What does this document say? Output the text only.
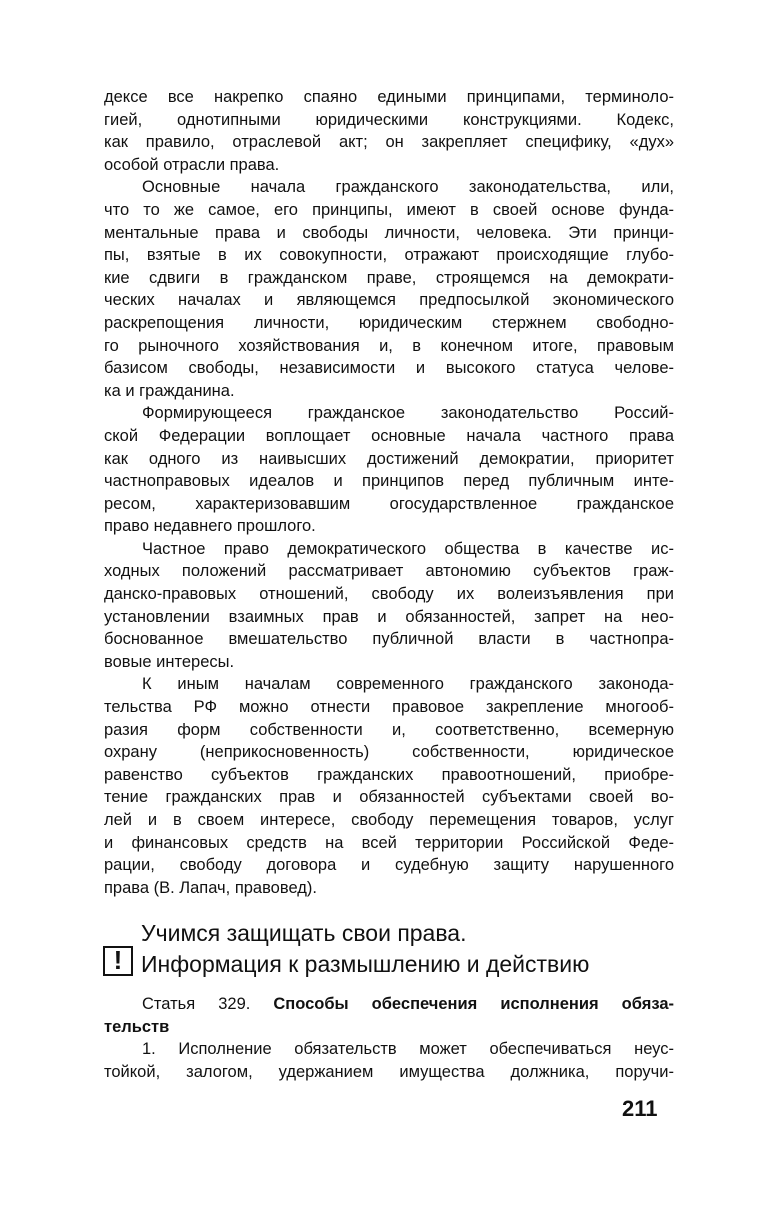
дексе все накрепко спаяно едиными принципами, терминоло-
гией, однотипными юридическими конструкциями. Кодекс,
как правило, отраслевой акт; он закрепляет специфику, «дух»
особой отрасли права.
Основные начала гражданского законодательства, или,
что то же самое, его принципы, имеют в своей основе фунда-
ментальные права и свободы личности, человека. Эти принци-
пы, взятые в их совокупности, отражают происходящие глубо-
кие сдвиги в гражданском праве, строящемся на демократи-
ческих началах и являющемся предпосылкой экономического
раскрепощения личности, юридическим стержнем свободно-
го рыночного хозяйствования и, в конечном итоге, правовым
базисом свободы, независимости и высокого статуса челове-
ка и гражданина.
Формирующееся гражданское законодательство Россий-
ской Федерации воплощает основные начала частного права
как одного из наивысших достижений демократии, приоритет
частноправовых идеалов и принципов перед публичным инте-
ресом, характеризовавшим огосударствленное гражданское
право недавнего прошлого.
Частное право демократического общества в качестве ис-
ходных положений рассматривает автономию субъектов граж-
данско-правовых отношений, свободу их волеизъявления при
установлении взаимных прав и обязанностей, запрет на нео-
боснованное вмешательство публичной власти в частнопра-
вовые интересы.
К иным началам современного гражданского законода-
тельства РФ можно отнести правовое закрепление многооб-
разия форм собственности и, соответственно, всемерную
охрану (неприкосновенность) собственности, юридическое
равенство субъектов гражданских правоотношений, приобре-
тение гражданских прав и обязанностей субъектами своей во-
лей и в своем интересе, свободу перемещения товаров, услуг
и финансовых средств на всей территории Российской Феде-
рации, свободу договора и судебную защиту нарушенного
права (В. Лапач, правовед).
!
Учимся защищать свои права.
Информация к размышлению и действию
Статья 329. Способы обеспечения исполнения обяза-
тельств
1. Исполнение обязательств может обеспечиваться неус-
тойкой, залогом, удержанием имущества должника, поручи-
211
